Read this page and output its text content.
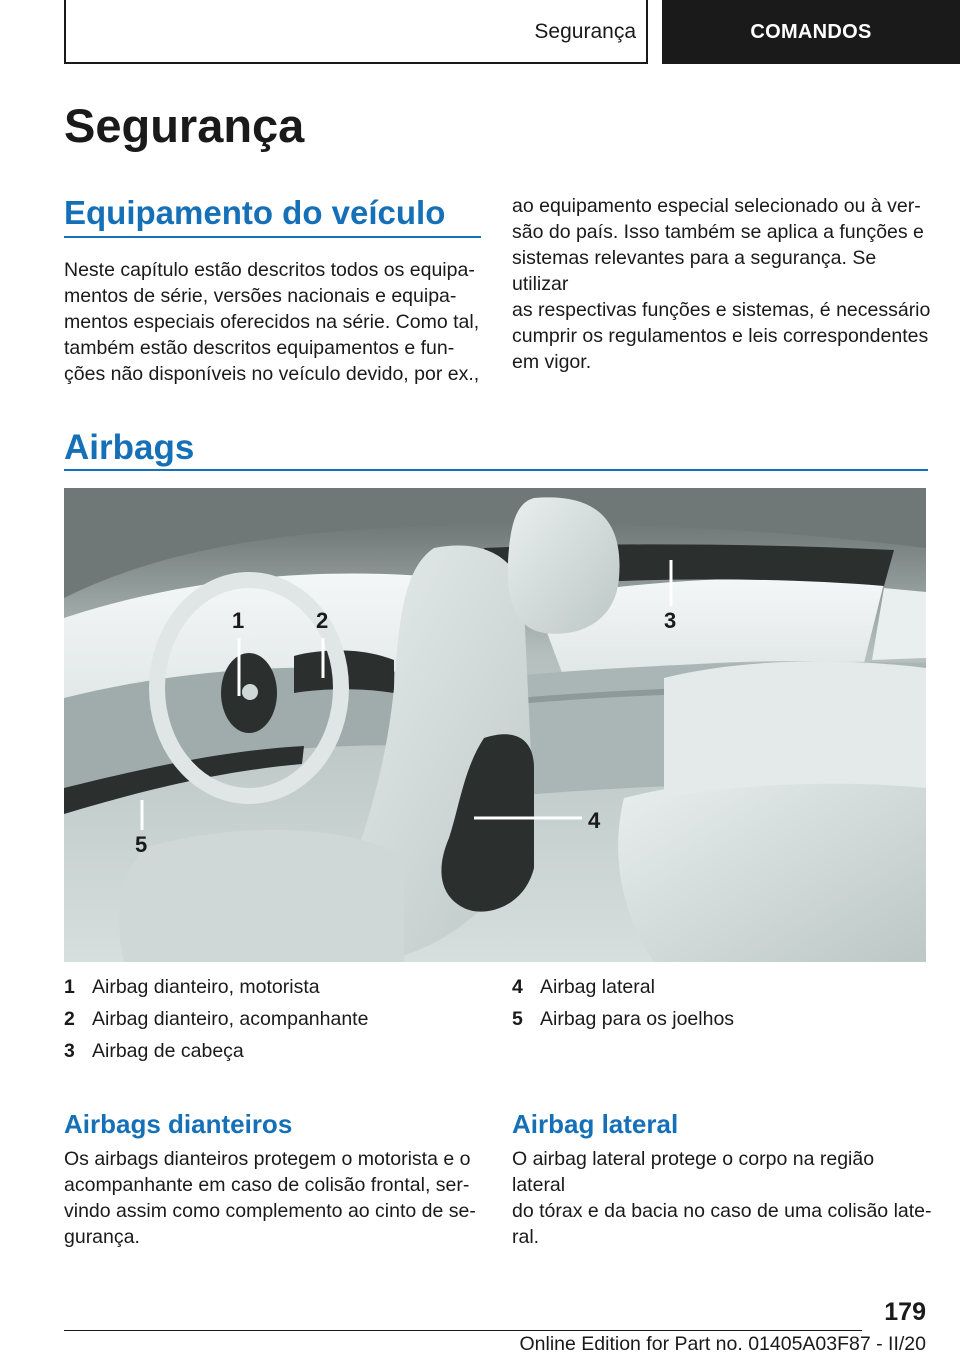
Segurança	COMANDOS
Segurança
Equipamento do veículo

Neste capítulo estão descritos todos os equipa‐
mentos de série, versões nacionais e equipa‐
mentos especiais oferecidos na série. Como tal,
também estão descritos equipamentos e fun‐
ções não disponíveis no veículo devido, por ex.,

ao equipamento especial selecionado ou à ver‐
são do país. Isso também se aplica a funções e
sistemas relevantes para a segurança. Se utilizar
as respectivas funções e sistemas, é necessário
cumprir os regulamentos e leis correspondentes
em vigor.

Airbags
1	2	3
4
5
1 Airbag dianteiro, motorista
2 Airbag dianteiro, acompanhante
3 Airbag de cabeça
4 Airbag lateral
5 Airbag para os joelhos
Airbags dianteiros

Os airbags dianteiros protegem o motorista e o
acompanhante em caso de colisão frontal, ser‐
vindo assim como complemento ao cinto de se‐
gurança.

Airbag lateral

O airbag lateral protege o corpo na região lateral
do tórax e da bacia no caso de uma colisão late‐
ral.

179
Online Edition for Part no. 01405A03F87 - II/20
